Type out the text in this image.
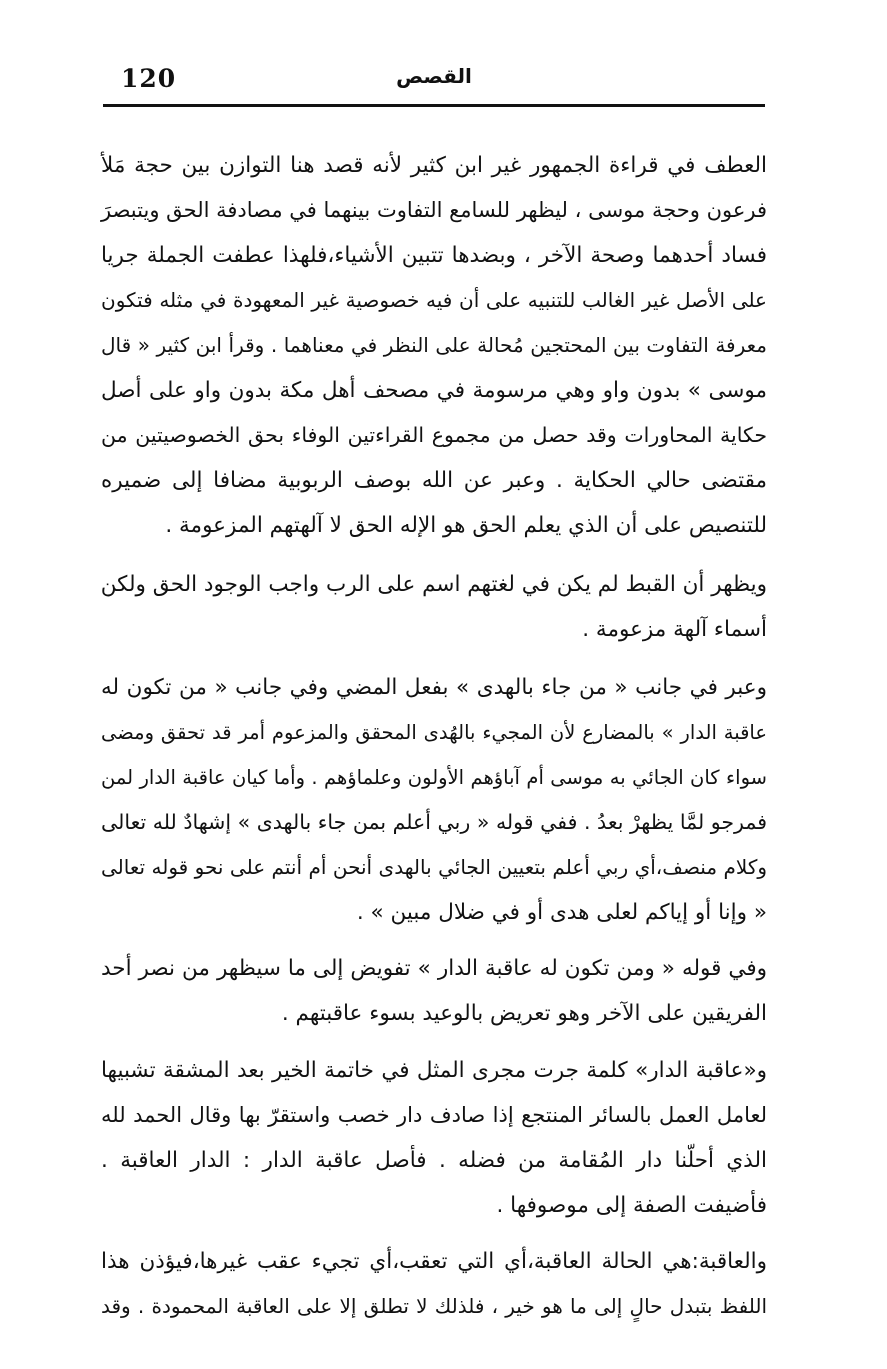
120	القصص

العطف في قراءة الجمهور غير ابن كثير لأنه قصد هنا التوازن بين حجة مَلأ
فرعون وحجة موسى ، ليظهر للسامع التفاوت بينهما في مصادفة الحق ويتبصرَ
فساد أحدهما وصحة الآخر ، وبضدها تتبين الأشياء،فلهذا عطفت الجملة جريا
على الأصل غير الغالب للتنبيه على أن فيه خصوصية غير المعهودة في مثله فتكون
معرفة التفاوت بين المحتجين مُحالة على النظر في معناهما . وقرأ ابن كثير « قال
موسى » بدون واو وهي مرسومة في مصحف أهل مكة بدون واو على أصل
حكاية المحاورات وقد حصل من مجموع القراءتين الوفاء بحق الخصوصيتين من
مقتضى حالي الحكاية . وعبر عن الله بوصف الربوبية مضافا إلى ضميره
للتنصيص على أن الذي يعلم الحق هو الإله الحق لا آلهتهم المزعومة .

ويظهر أن القبط لم يكن في لغتهم اسم على الرب واجب الوجود الحق ولكن
أسماء آلهة مزعومة .

وعبر في جانب « من جاء بالهدى » بفعل المضي وفي جانب « من تكون له
عاقبة الدار » بالمضارع لأن المجيء بالهُدى المحقق والمزعوم أمر قد تحقق ومضى
سواء كان الجائي به موسى أم آباؤهم الأولون وعلماؤهم . وأما كيان عاقبة الدار لمن
فمرجو لمَّا يظهرْ بعدُ . ففي قوله « ربي أعلم بمن جاء بالهدى » إشهادٌ لله تعالى
وكلام منصف،أي ربي أعلم بتعيين الجائي بالهدى أنحن أم أنتم على نحو قوله تعالى
« وإنا أو إياكم لعلى هدى أو في ضلال مبين » .

وفي قوله « ومن تكون له عاقبة الدار » تفويض إلى ما سيظهر من نصر أحد
الفريقين على الآخر وهو تعريض بالوعيد بسوء عاقبتهم .

و«عاقبة الدار» كلمة جرت مجرى المثل في خاتمة الخير بعد المشقة تشبيها
لعامل العمل بالسائر المنتجع إذا صادف دار خصب واستقرّ بها وقال الحمد لله
الذي أحلّنا دار المُقامة من فضله . فأصل عاقبة الدار : الدار العاقبة .
فأضيفت الصفة إلى موصوفها .

والعاقبة:هي الحالة العاقبة،أي التي تعقب،أي تجيء عقب غيرها،فيؤذن هذا
اللفظ بتبدل حالٍ إلى ما هو خير ، فلذلك لا تطلق إلا على العاقبة المحمودة . وقد
